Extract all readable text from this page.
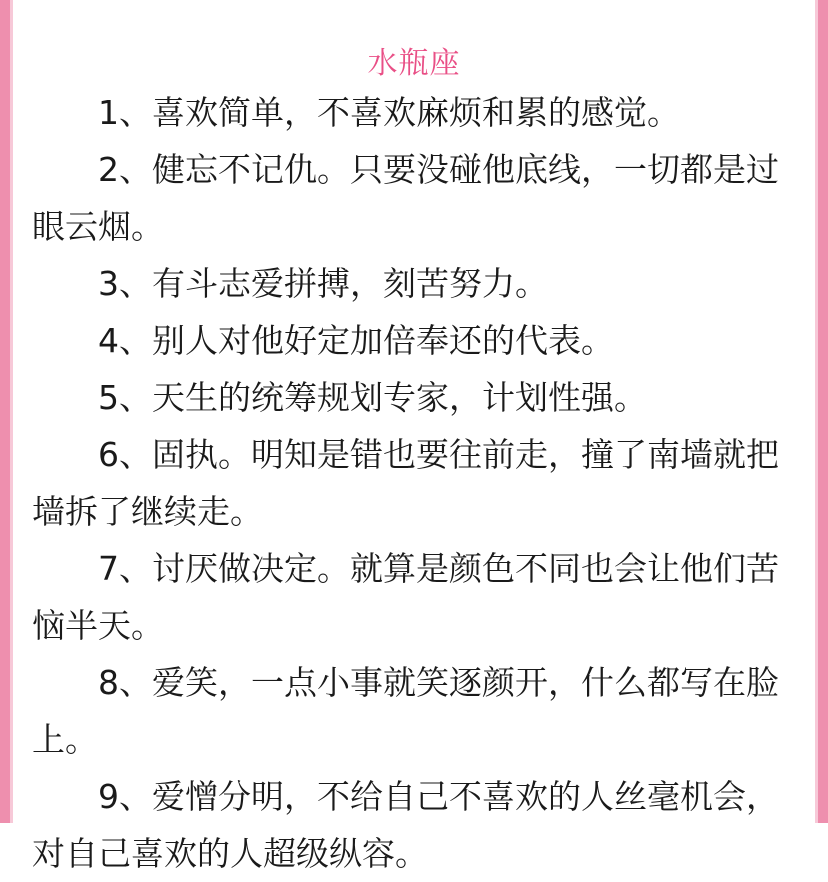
水瓶座

1、喜欢简单，不喜欢麻烦和累的感觉。

2、健忘不记仇。只要没碰他底线，一切都是过眼云烟。

3、有斗志爱拼搏，刻苦努力。

4、别人对他好定加倍奉还的代表。

5、天生的统筹规划专家，计划性强。

6、固执。明知是错也要往前走，撞了南墙就把墙拆了继续走。

7、讨厌做决定。就算是颜色不同也会让他们苦恼半天。

8、爱笑，一点小事就笑逐颜开，什么都写在脸上。

9、爱憎分明，不给自己不喜欢的人丝毫机会，对自己喜欢的人超级纵容。
